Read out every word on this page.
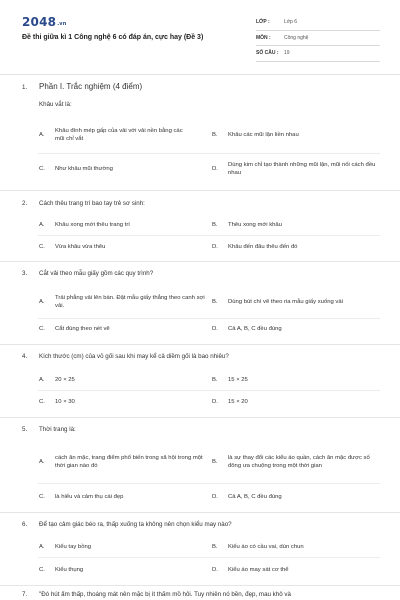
2048.vn
Đề thi giữa kì 1 Công nghệ 6 có đáp án, cực hay (Đề 3)
LỚP :	Lớp 6
MÔN :	Công nghệ
SỐ CÂU :	19
1. Phần I. Trắc nghiệm (4 điểm)
Khâu vắt là:
A.
Khâu đính mép gấp của vải với vải nền bằng các mũi chỉ vắt
B.	Khâu các mũi lặn liền nhau
C.	Như khâu mũi thường	D.
Dùng kim chỉ tạo thành những mũi lặn, mũi nối cách đều nhau
2. Cách thêu trang trí bao tay trẻ sơ sinh:
A.	Khâu xong mới thêu trang trí	B.	Thêu xong mới khâu
C.	Vừa khâu vừa thêu	D.	Khâu đến đâu thêu đến đó
3. Cắt vải theo mẫu giấy gồm các quy trình?
A.
Trải phẳng vải lên bàn. Đặt mẫu giấy thẳng theo canh sợi vải.
B.	Dùng bút chì vẽ theo ria mẫu giấy xuống vải
C.	Cắt đúng theo nét vẽ	D.	Cả A, B, C đều đúng
4. Kích thước (cm) của vỏ gối sau khi may kể cả diềm gối là bao nhiêu?
A.	20 × 25	B.	15 × 25
C.	10 × 30	D.	15 × 20
5. Thời trang là:
A.
cách ăn mặc, trang điểm phổ biến trong xã hội trong một thời gian nào đó
B.
là sự thay đổi các kiểu áo quần, cách ăn mặc được số đông ưa chuộng trong một thời gian
C.	là hiểu và cảm thụ cái đẹp	D.	Cả A, B, C đều đúng
6. Để tạo cảm giác béo ra, thấp xuống ta không nên chọn kiểu may nào?
A.	Kiểu tay bồng	B.	Kiểu áo có cầu vai, dún chun
C.	Kiểu thụng	D.	Kiểu áo may sát cơ thể
7. "Đó hút ẩm thấp, thoáng mát nên mặc bị ít thấm mồ hôi. Tuy nhiên nó bền, đẹp, mau khô và
